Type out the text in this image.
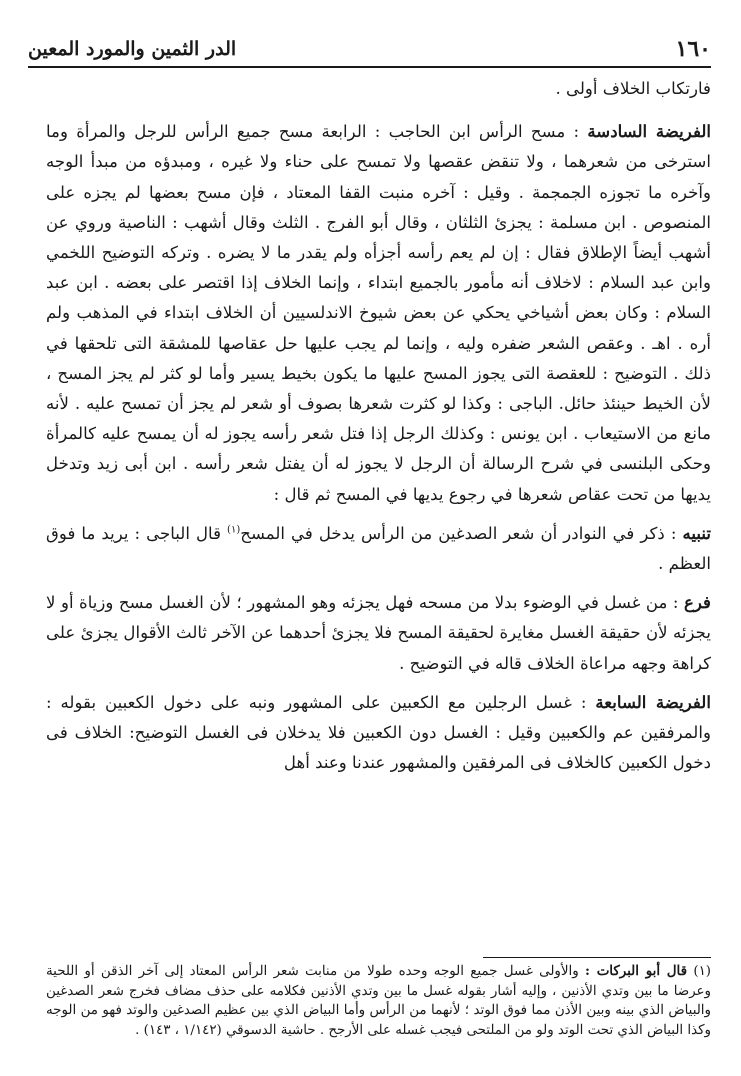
١٦٠
الدر الثمين والمورد المعين

فارتكاب الخلاف أولى .

الفريضة السادسة : مسح الرأس ابن الحاجب : الرابعة مسح جميع الرأس للرجل والمرأة وما استرخى من شعرهما ، ولا تنقض عقصها ولا تمسح على حناء ولا غيره ، ومبدؤه من مبدأ الوجه وآخره ما تجوزه الجمجمة . وقيل : آخره منبت القفا المعتاد ، فإن مسح بعضها لم يجزه على المنصوص . ابن مسلمة : يجزئ الثلثان ، وقال أبو الفرج . الثلث وقال أشهب : الناصية وروي عن أشهب أيضاً الإطلاق فقال : إن لم يعم رأسه أجزأه ولم يقدر ما لا يضره . وتركه التوضيح اللخمي وابن عبد السلام : لاخلاف أنه مأمور بالجميع ابتداء ، وإنما الخلاف إذا اقتصر على بعضه . ابن عبد السلام : وكان بعض أشياخي يحكي عن بعض شيوخ الاندلسيين أن الخلاف ابتداء في المذهب ولم أره . اهـ . وعقص الشعر ضفره وليه ، وإنما لم يجب عليها حل عقاصها للمشقة التى تلحقها في ذلك . التوضيح : للعقصة التى يجوز المسح عليها ما يكون بخيط يسير وأما لو كثر لم يجز المسح ، لأن الخيط حينئذ حائل. الباجى : وكذا لو كثرت شعرها بصوف أو شعر لم يجز أن تمسح عليه . لأنه مانع من الاستيعاب . ابن يونس : وكذلك الرجل إذا فتل شعر رأسه يجوز له أن يمسح عليه كالمرأة وحكى البلنسى في شرح الرسالة أن الرجل لا يجوز له أن يفتل شعر رأسه . ابن أبى زيد وتدخل يديها من تحت عقاص شعرها في رجوع يديها في المسح ثم قال :

تنبيه : ذكر في النوادر أن شعر الصدغين من الرأس يدخل في المسح$^{(١)}$ قال الباجى : يريد ما فوق العظم .

فرع : من غسل في الوضوء بدلا من مسحه فهل يجزئه وهو المشهور ؛ لأن الغسل مسح وزياة أو لا يجزئه لأن حقيقة الغسل مغايرة لحقيقة المسح فلا يجزئ أحدهما عن الآخر ثالث الأقوال يجزئ على كراهة وجهه مراعاة الخلاف قاله في التوضيح .

الفريضة السابعة : غسل الرجلين مع الكعبين على المشهور ونبه على دخول الكعبين بقوله : والمرفقين عم والكعبين وقيل : الغسل دون الكعبين فلا يدخلان فى الغسل التوضيح: الخلاف فى دخول الكعبين كالخلاف فى المرفقين والمشهور عندنا وعند أهل

(١) قال أبو البركات : والأولى غسل جميع الوجه وحده طولا من منابت شعر الرأس المعتاد إلى آخر الذقن أو اللحية وعرضا ما بين وتدي الأذنين ، وإليه أشار بقوله غسل ما بين وتدي الأذنين فكلامه على حذف مضاف فخرج شعر الصدغين والبياض الذي بينه وبين الأذن مما فوق الوتد ؛ لأنهما من الرأس وأما البياض الذي بين عظيم الصدغين والوتد فهو من الوجه وكذا البياض الذي تحت الوتد ولو من الملتحى فيجب غسله على الأرجح . حاشية الدسوقي (١/١٤٢ ، ١٤٣) .
